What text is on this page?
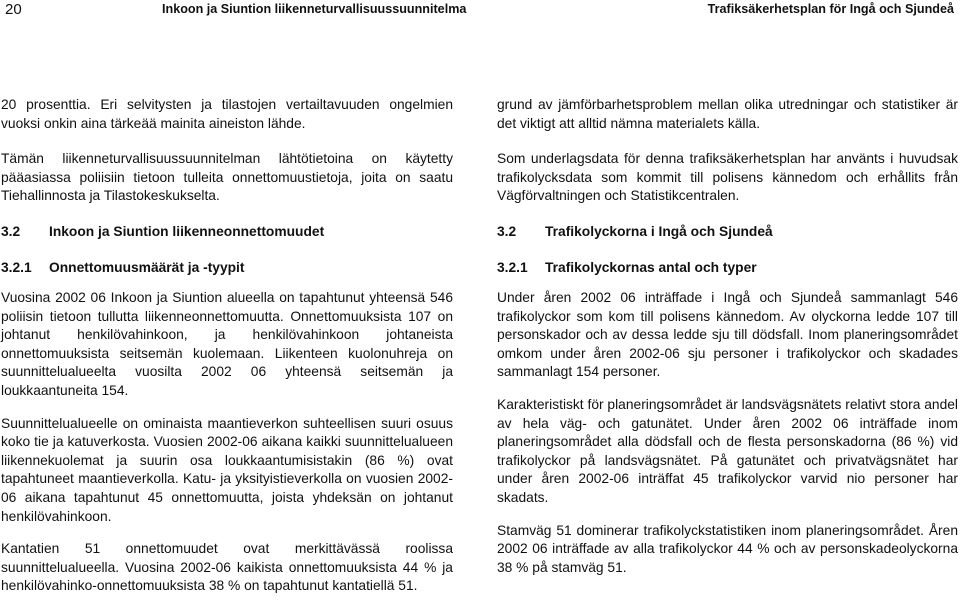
20	Inkoon ja Siuntion liikenneturvallisuussuunnitelma	Trafiksäkerhetsplan för Ingå och Sjundeå

20 prosenttia. Eri selvitysten ja tilastojen vertailtavuuden ongelmien vuoksi onkin aina tärkeää mainita aineiston lähde.

Tämän liikenneturvallisuussuunnitelman lähtötietoina on käytetty pääasiassa poliisiin tietoon tulleita onnettomuustietoja, joita on saatu Tiehallinnosta ja Tilastokeskukselta.

3.2 Inkoon ja Siuntion liikenneonnettomuudet
3.2.1 Onnettomuusmäärät ja -tyypit

Vuosina 2002 06 Inkoon ja Siuntion alueella on tapahtunut yhteensä 546 poliisin tietoon tullutta liikenneonnettomuutta. Onnettomuuksista 107 on johtanut henkilövahinkoon, ja henkilövahinkoon johtaneista onnettomuuksista seitsemän kuolemaan. Liikenteen kuolonuhreja on suunnittelualueelta vuosilta 2002 06 yhteensä seitsemän ja loukkaantuneita 154.

Suunnittelualueelle on ominaista maantieverkon suhteellisen suuri osuus koko tie ja katuverkosta. Vuosien 2002-06 aikana kaikki suunnittelualueen liikennekuolemat ja suurin osa loukkaantumisistakin (86 %) ovat tapahtuneet maantieverkolla. Katu- ja yksityistieverkolla on vuosien 2002-06 aikana tapahtunut 45 onnettomuutta, joista yhdeksän on johtanut henkilövahinkoon.

Kantatien 51 onnettomuudet ovat merkittävässä roolissa suunnittelualueella. Vuosina 2002-06 kaikista onnettomuuksista 44 % ja henkilövahinko-onnettomuuksista 38 % on tapahtunut kantatiellä 51.

grund av jämförbarhetsproblem mellan olika utredningar och statistiker är det viktigt att alltid nämna materialets källa.

Som underlagsdata för denna trafiksäkerhetsplan har använts i huvudsak trafikolycksdata som kommit till polisens kännedom och erhållits från Vägförvaltningen och Statistikcentralen.

3.2 Trafikolyckorna i Ingå och Sjundeå
3.2.1 Trafikolyckornas antal och typer

Under åren 2002 06 inträffade i Ingå och Sjundeå sammanlagt 546 trafikolyckor som kom till polisens kännedom. Av olyckorna ledde 107 till personskador och av dessa ledde sju till dödsfall. Inom planeringsområdet omkom under åren 2002-06 sju personer i trafikolyckor och skadades sammanlagt 154 personer.

Karakteristiskt för planeringsområdet är landsvägsnätets relativt stora andel av hela väg- och gatunätet. Under åren 2002 06 inträffade inom planeringsområdet alla dödsfall och de flesta personskadorna (86 %) vid trafikolyckor på landsvägsnätet. På gatunätet och privatvägsnätet har under åren 2002-06 inträffat 45 trafikolyckor varvid nio personer har skadats.

Stamväg 51 dominerar trafikolyckstatistiken inom planeringsområdet. Åren 2002 06 inträffade av alla trafikolyckor 44 % och av personskadeolyckorna 38 % på stamväg 51.
